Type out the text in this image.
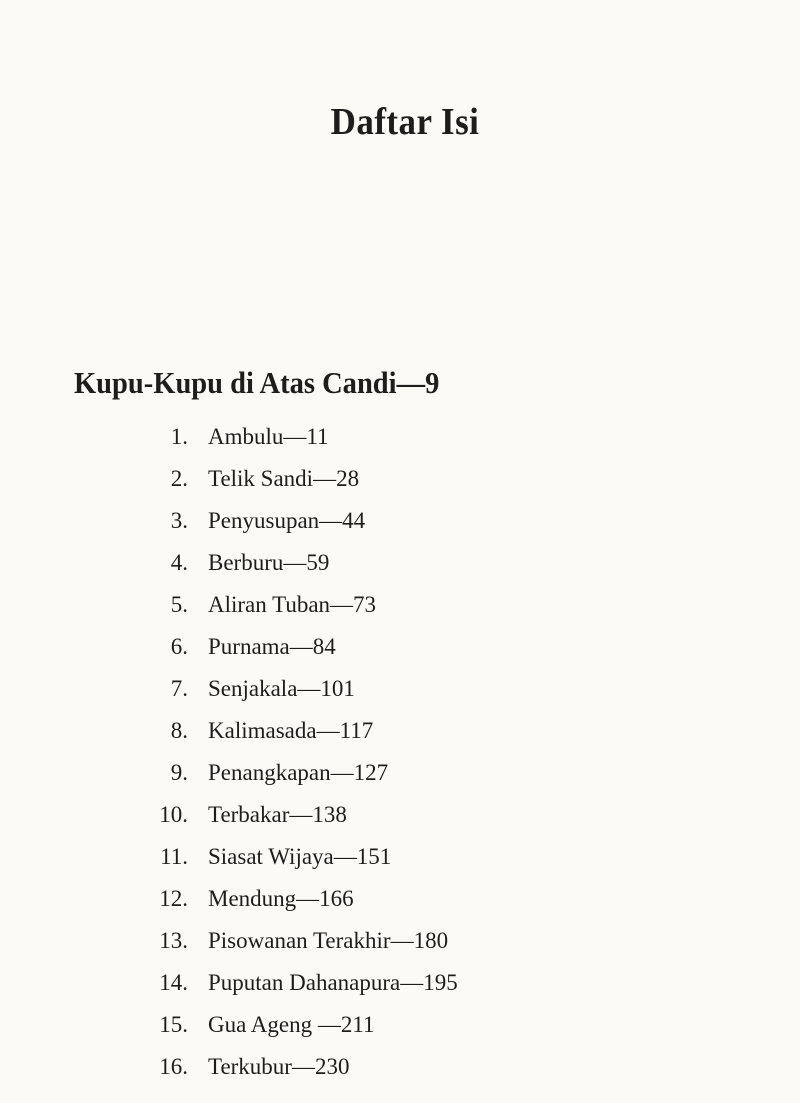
Daftar Isi
Kupu-Kupu di Atas Candi—9
1. Ambulu—11
2. Telik Sandi—28
3. Penyusupan—44
4. Berburu—59
5. Aliran Tuban—73
6. Purnama—84
7. Senjakala—101
8. Kalimasada—117
9. Penangkapan—127
10. Terbakar—138
11. Siasat Wijaya—151
12. Mendung—166
13. Pisowanan Terakhir—180
14. Puputan Dahanapura—195
15. Gua Ageng —211
16. Terkubur—230
